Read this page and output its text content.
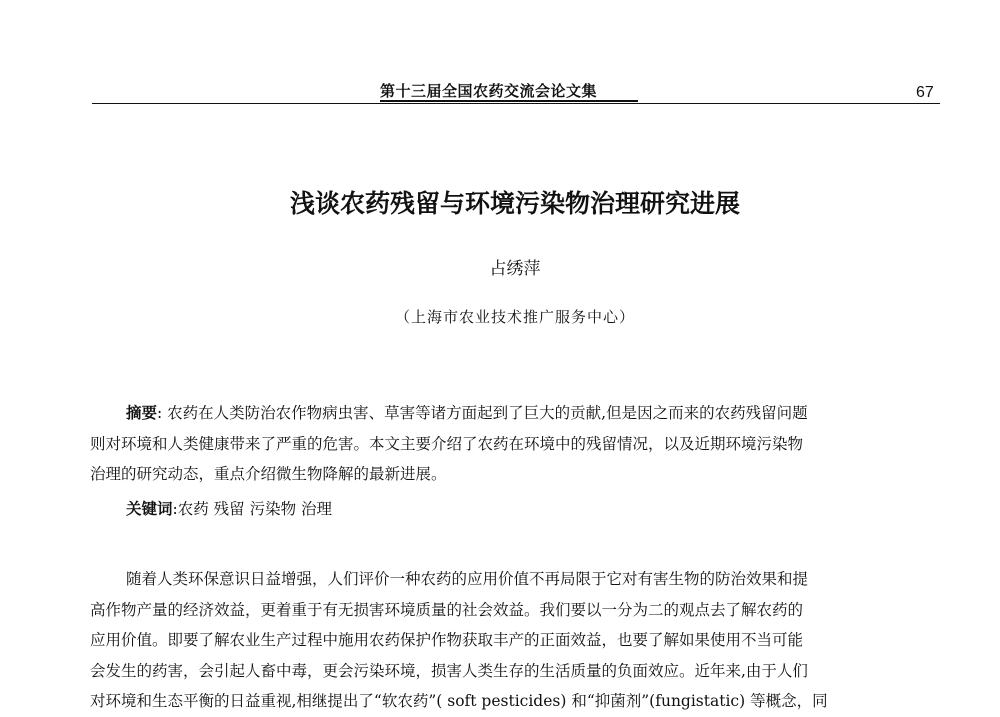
第十三届全国农药交流会论文集	67
浅谈农药残留与环境污染物治理研究进展
占绣萍
（上海市农业技术推广服务中心）
摘要: 农药在人类防治农作物病虫害、草害等诸方面起到了巨大的贡献,但是因之而来的农药残留问题
则对环境和人类健康带来了严重的危害。本文主要介绍了农药在环境中的残留情况，以及近期环境污染物
治理的研究动态，重点介绍微生物降解的最新进展。
关键词:农药 残留 污染物 治理
随着人类环保意识日益增强，人们评价一种农药的应用价值不再局限于它对有害生物的防治效果和提
高作物产量的经济效益，更着重于有无损害环境质量的社会效益。我们要以一分为二的观点去了解农药的
应用价值。即要了解农业生产过程中施用农药保护作物获取丰产的正面效益，也要了解如果使用不当可能
会发生的药害，会引起人畜中毒，更会污染环境，损害人类生存的生活质量的负面效应。近年来,由于人们
对环境和生态平衡的日益重视,相继提出了“软农药”( soft pesticides) 和“抑菌剂”(fungistatic) 等概念，同
